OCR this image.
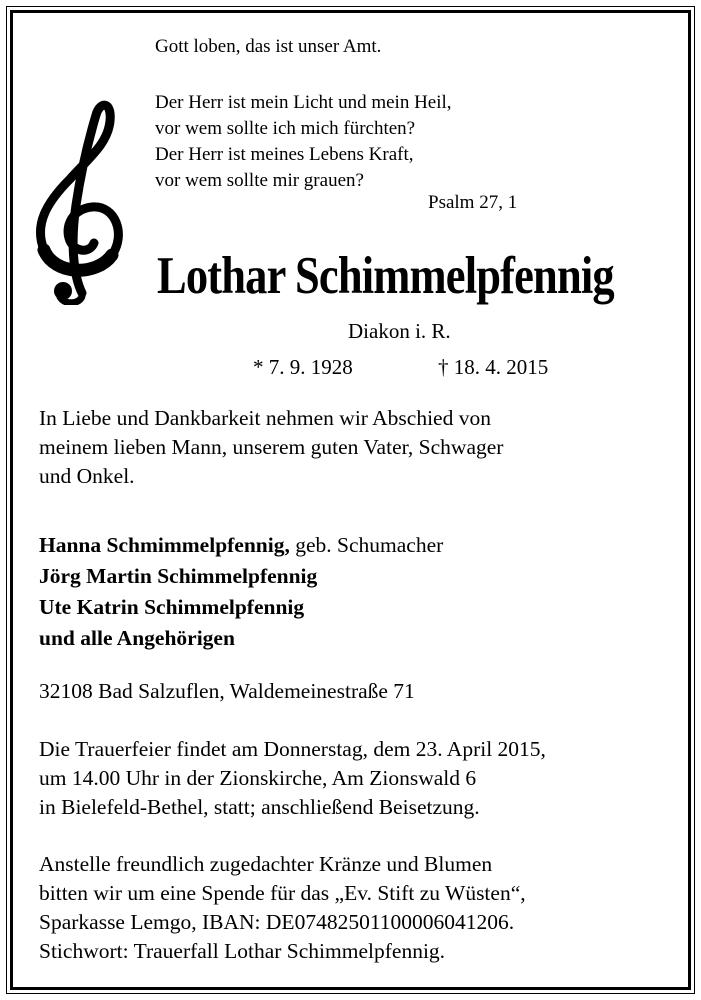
Gott loben, das ist unser Amt.
Der Herr ist mein Licht und mein Heil,
vor wem sollte ich mich fürchten?
Der Herr ist meines Lebens Kraft,
vor wem sollte mir grauen?
Psalm 27, 1
Lothar Schimmelpfennig
Diakon i. R.
* 7. 9. 1928	† 18. 4. 2015
In Liebe und Dankbarkeit nehmen wir Abschied von
meinem lieben Mann, unserem guten Vater, Schwager
und Onkel.
Hanna Schmimmelpfennig, geb. Schumacher
Jörg Martin Schimmelpfennig
Ute Katrin Schimmelpfennig
und alle Angehörigen
32108 Bad Salzuflen, Waldemeinestraße 71
Die Trauerfeier findet am Donnerstag, dem 23. April 2015,
um 14.00 Uhr in der Zionskirche, Am Zionswald 6
in Bielefeld-Bethel, statt; anschließend Beisetzung.
Anstelle freundlich zugedachter Kränze und Blumen
bitten wir um eine Spende für das „Ev. Stift zu Wüsten“,
Sparkasse Lemgo, IBAN: DE07482501100006041206.
Stichwort: Trauerfall Lothar Schimmelpfennig.
